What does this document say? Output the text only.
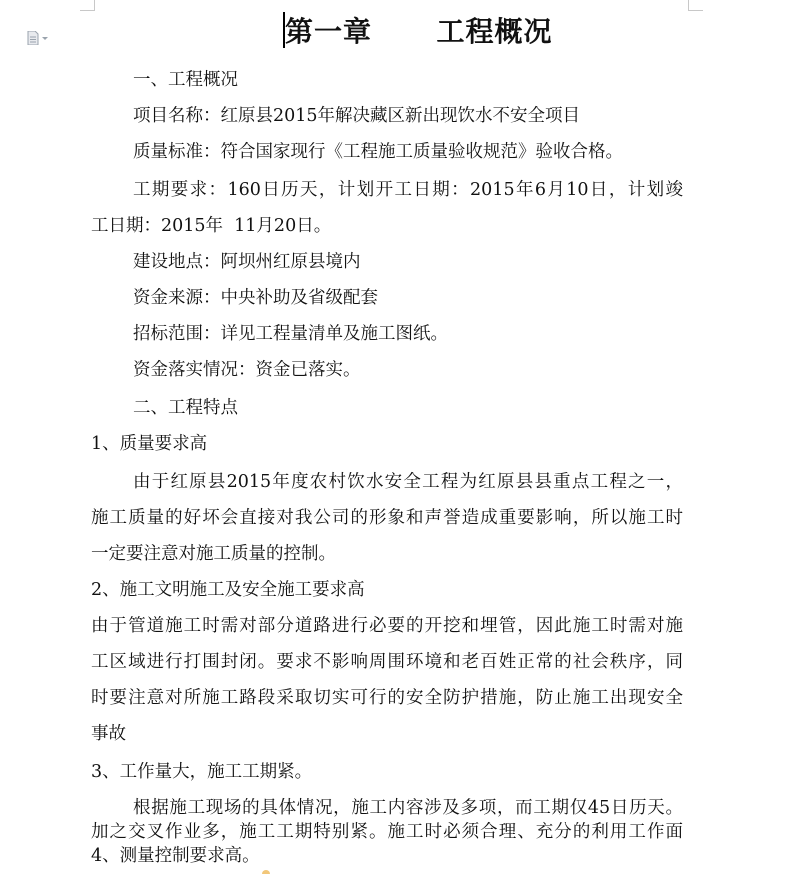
第一章      工程概况
一、工程概况
项目名称：红原县2015年解决藏区新出现饮水不安全项目
质量标准：符合国家现行《工程施工质量验收规范》验收合格。
工期要求：160日历天，计划开工日期：2015年6月10日，计划竣
工日期：2015年  11月20日。
建设地点：阿坝州红原县境内
资金来源：中央补助及省级配套
招标范围：详见工程量清单及施工图纸。
资金落实情况：资金已落实。
二、工程特点
1、质量要求高
由于红原县2015年度农村饮水安全工程为红原县县重点工程之一，
施工质量的好坏会直接对我公司的形象和声誉造成重要影响，所以施工时
一定要注意对施工质量的控制。
2、施工文明施工及安全施工要求高
由于管道施工时需对部分道路进行必要的开挖和埋管，因此施工时需对施
工区域进行打围封闭。要求不影响周围环境和老百姓正常的社会秩序，同
时要注意对所施工路段采取切实可行的安全防护措施，防止施工出现安全
事故
3、工作量大，施工工期紧。
根据施工现场的具体情况，施工内容涉及多项，而工期仅45日历天。
加之交叉作业多，施工工期特别紧。施工时必须合理、充分的利用工作面
4、测量控制要求高。
